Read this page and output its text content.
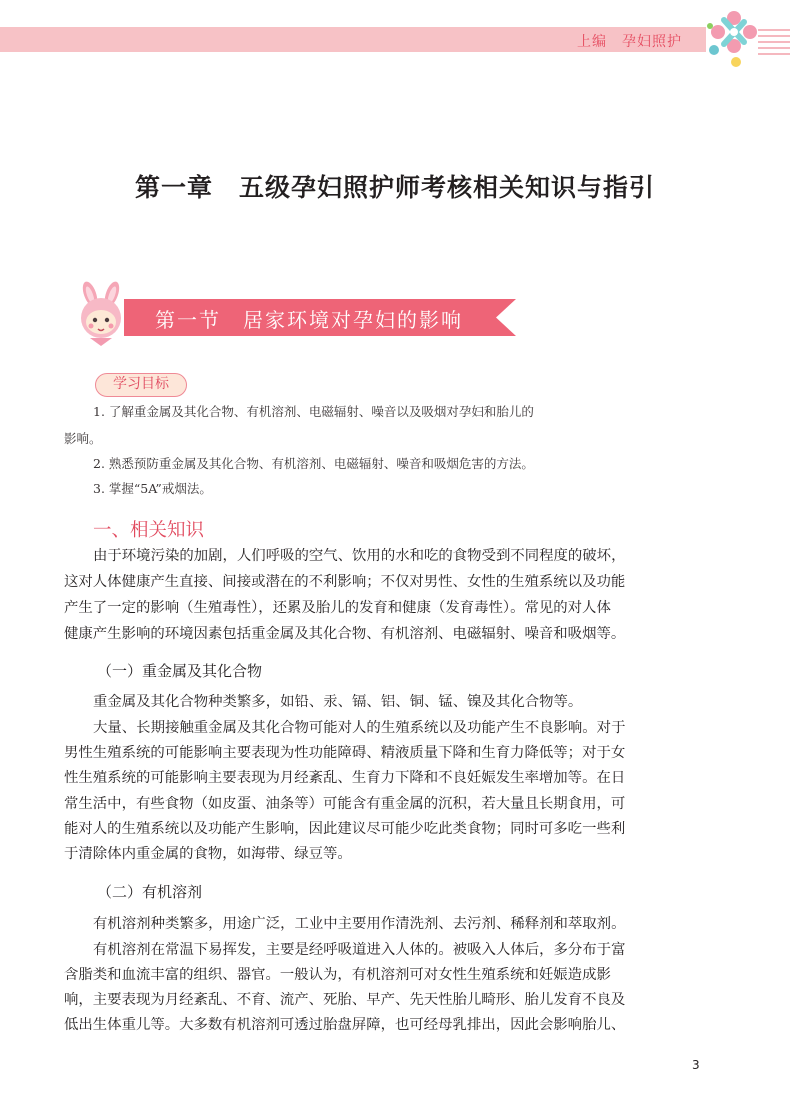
上编　孕妇照护
第一章　五级孕妇照护师考核相关知识与指引
第一节　居家环境对孕妇的影响
学习目标
1. 了解重金属及其化合物、有机溶剂、电磁辐射、噪音以及吸烟对孕妇和胎儿的
影响。
2. 熟悉预防重金属及其化合物、有机溶剂、电磁辐射、噪音和吸烟危害的方法。
3. 掌握“5A”戒烟法。
一、相关知识
由于环境污染的加剧，人们呼吸的空气、饮用的水和吃的食物受到不同程度的破坏，
这对人体健康产生直接、间接或潜在的不利影响；不仅对男性、女性的生殖系统以及功能
产生了一定的影响（生殖毒性），还累及胎儿的发育和健康（发育毒性）。常见的对人体
健康产生影响的环境因素包括重金属及其化合物、有机溶剂、电磁辐射、噪音和吸烟等。
（一）重金属及其化合物
重金属及其化合物种类繁多，如铅、汞、镉、铝、铜、锰、镍及其化合物等。
大量、长期接触重金属及其化合物可能对人的生殖系统以及功能产生不良影响。对于
男性生殖系统的可能影响主要表现为性功能障碍、精液质量下降和生育力降低等；对于女
性生殖系统的可能影响主要表现为月经紊乱、生育力下降和不良妊娠发生率增加等。在日
常生活中，有些食物（如皮蛋、油条等）可能含有重金属的沉积，若大量且长期食用，可
能对人的生殖系统以及功能产生影响，因此建议尽可能少吃此类食物；同时可多吃一些利
于清除体内重金属的食物，如海带、绿豆等。
（二）有机溶剂
有机溶剂种类繁多，用途广泛，工业中主要用作清洗剂、去污剂、稀释剂和萃取剂。
有机溶剂在常温下易挥发，主要是经呼吸道进入人体的。被吸入人体后，多分布于富
含脂类和血流丰富的组织、器官。一般认为，有机溶剂可对女性生殖系统和妊娠造成影
响，主要表现为月经紊乱、不育、流产、死胎、早产、先天性胎儿畸形、胎儿发育不良及
低出生体重儿等。大多数有机溶剂可透过胎盘屏障，也可经母乳排出，因此会影响胎儿、
3
